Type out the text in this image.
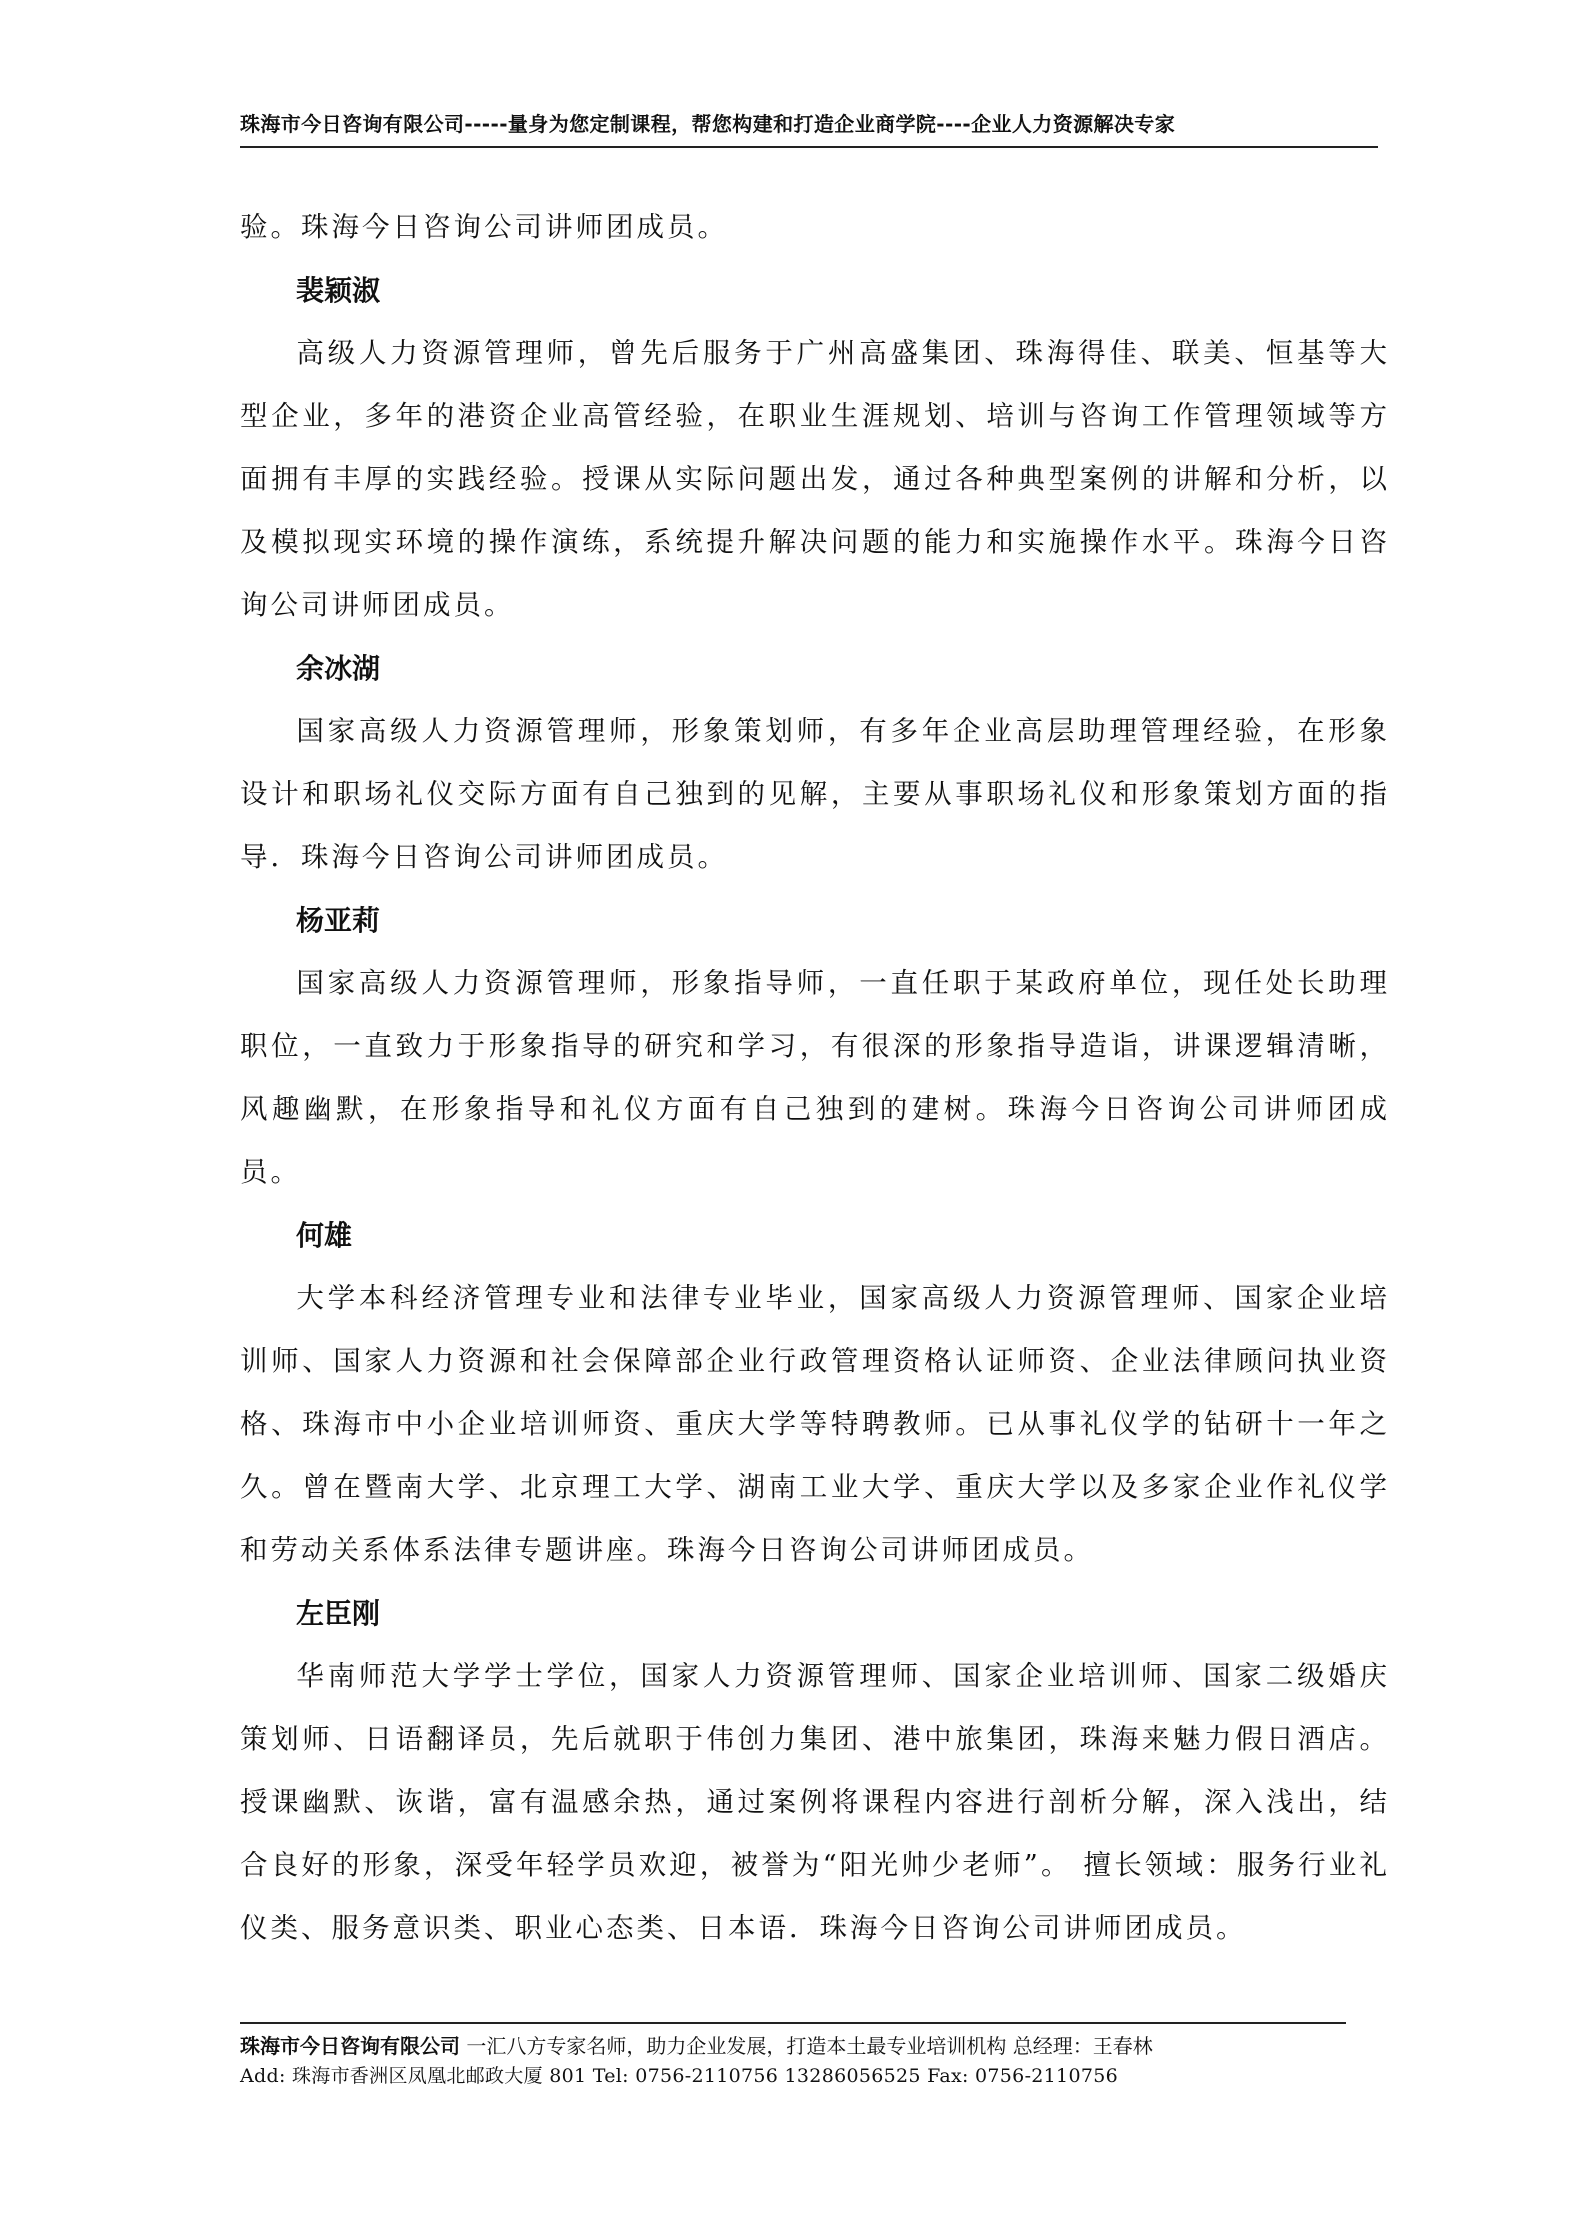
珠海市今日咨询有限公司-----量身为您定制课程，帮您构建和打造企业商学院----企业人力资源解决专家

验。珠海今日咨询公司讲师团成员。

裴颖淑

高级人力资源管理师，曾先后服务于广州高盛集团、珠海得佳、联美、恒基等大型企业，多年的港资企业高管经验，在职业生涯规划、培训与咨询工作管理领域等方面拥有丰厚的实践经验。授课从实际问题出发，通过各种典型案例的讲解和分析，以及模拟现实环境的操作演练，系统提升解决问题的能力和实施操作水平。珠海今日咨询公司讲师团成员。

余冰湖

国家高级人力资源管理师，形象策划师，有多年企业高层助理管理经验，在形象设计和职场礼仪交际方面有自己独到的见解，主要从事职场礼仪和形象策划方面的指导．珠海今日咨询公司讲师团成员。

杨亚莉

国家高级人力资源管理师，形象指导师，一直任职于某政府单位，现任处长助理职位，一直致力于形象指导的研究和学习，有很深的形象指导造诣，讲课逻辑清晰，风趣幽默，在形象指导和礼仪方面有自己独到的建树。珠海今日咨询公司讲师团成员。

何雄

大学本科经济管理专业和法律专业毕业，国家高级人力资源管理师、国家企业培训师、国家人力资源和社会保障部企业行政管理资格认证师资、企业法律顾问执业资格、珠海市中小企业培训师资、重庆大学等特聘教师。已从事礼仪学的钻研十一年之久。曾在暨南大学、北京理工大学、湖南工业大学、重庆大学以及多家企业作礼仪学和劳动关系体系法律专题讲座。珠海今日咨询公司讲师团成员。

左臣刚

华南师范大学学士学位，国家人力资源管理师、国家企业培训师、国家二级婚庆策划师、日语翻译员，先后就职于伟创力集团、港中旅集团，珠海来魅力假日酒店。授课幽默、诙谐，富有温感余热，通过案例将课程内容进行剖析分解，深入浅出，结合良好的形象，深受年轻学员欢迎，被誉为“阳光帅少老师”。 擅长领域：服务行业礼仪类、服务意识类、职业心态类、日本语．珠海今日咨询公司讲师团成员。

珠海市今日咨询有限公司 一汇八方专家名师，助力企业发展，打造本土最专业培训机构 总经理：王春林
Add: 珠海市香洲区凤凰北邮政大厦 801 Tel: 0756-2110756 13286056525 Fax: 0756-2110756
